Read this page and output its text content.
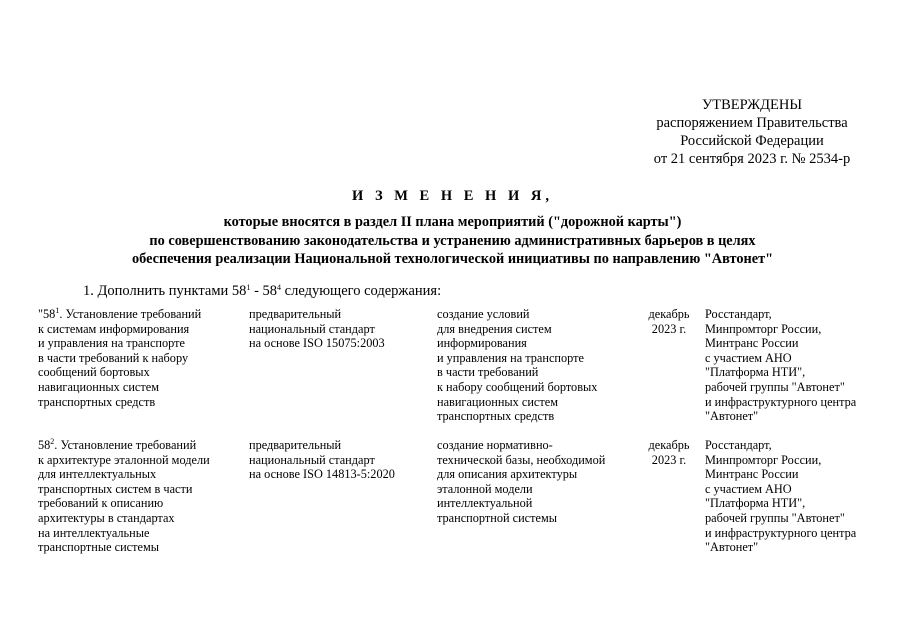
УТВЕРЖДЕНЫ
распоряжением Правительства
Российской Федерации
от 21 сентября 2023 г. № 2534-р
И З М Е Н Е Н И Я,
которые вносятся в раздел II плана мероприятий ("дорожной карты")
по совершенствованию законодательства и устранению административных барьеров в целях
обеспечения реализации Национальной технологической инициативы по направлению "Автонет"
1. Дополнить пунктами $58^1 - 58^4$ следующего содержания:
"$58^1$. Установление требований
к системам информирования
и управления на транспорте
в части требований к набору
сообщений бортовых
навигационных систем
транспортных средств
предварительный
национальный стандарт
на основе ISO 15075:2003
создание условий
для внедрения систем
информирования
и управления на транспорте
в части требований
к набору сообщений бортовых
навигационных систем
транспортных средств
декабрь
2023 г.
Росстандарт,
Минпромторг России,
Минтранс России
с участием АНО
"Платформа НТИ",
рабочей группы "Автонет"
и инфраструктурного центра
"Автонет"
$58^2$. Установление требований
к архитектуре эталонной модели
для интеллектуальных
транспортных систем в части
требований к описанию
архитектуры в стандартах
на интеллектуальные
транспортные системы
предварительный
национальный стандарт
на основе ISO 14813-5:2020
создание нормативно-
технической базы, необходимой
для описания архитектуры
эталонной модели
интеллектуальной
транспортной системы
декабрь
2023 г.
Росстандарт,
Минпромторг России,
Минтранс России
с участием АНО
"Платформа НТИ",
рабочей группы "Автонет"
и инфраструктурного центра
"Автонет"
